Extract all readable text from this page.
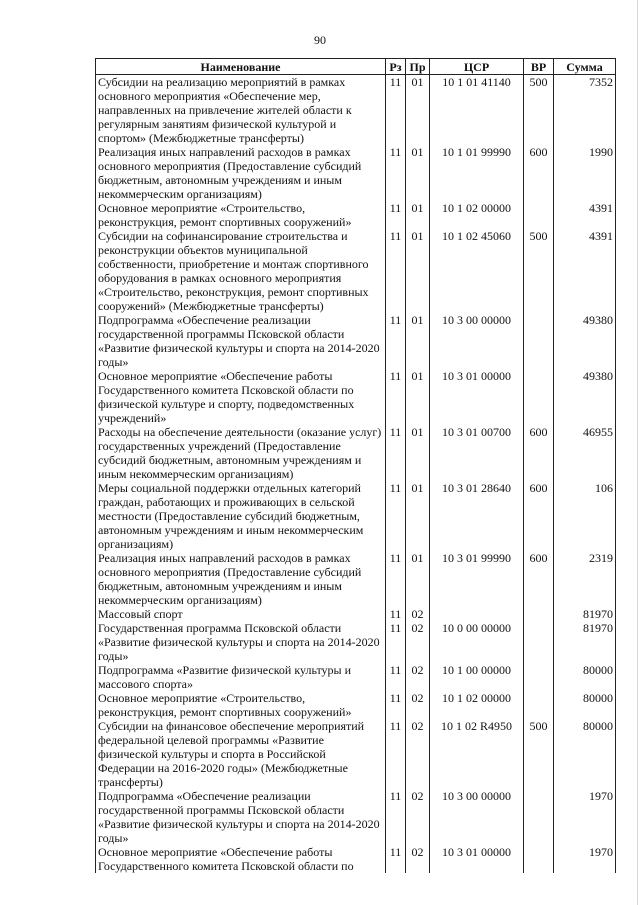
90
Наименование	Рз	Пр	ЦСР	ВР	Сумма
Субсидии на реализацию мероприятий в рамках основного мероприятия «Обеспечение мер, направленных на привлечение жителей области к регулярным занятиям физической культурой и спортом» (Межбюджетные трансферты)	11	01	10 1 01 41140	500	7352
Реализация иных направлений расходов в рамках основного мероприятия (Предоставление субсидий бюджетным, автономным учреждениям и иным некоммерческим организациям)	11	01	10 1 01 99990	600	1990
Основное мероприятие «Строительство, реконструкция, ремонт спортивных сооружений»	11	01	10 1 02 00000		4391
Субсидии на софинансирование строительства и реконструкции объектов муниципальной собственности, приобретение и монтаж спортивного оборудования в рамках основного мероприятия «Строительство, реконструкция, ремонт спортивных сооружений» (Межбюджетные трансферты)	11	01	10 1 02 45060	500	4391
Подпрограмма «Обеспечение реализации государственной программы Псковской области «Развитие физической культуры и спорта на 2014-2020 годы»	11	01	10 3 00 00000		49380
Основное мероприятие «Обеспечение работы Государственного комитета Псковской области по физической культуре и спорту, подведомственных учреждений»	11	01	10 3 01 00000		49380
Расходы на обеспечение деятельности (оказание услуг) государственных учреждений (Предоставление субсидий бюджетным, автономным учреждениям и иным некоммерческим организациям)	11	01	10 3 01 00700	600	46955
Меры социальной поддержки отдельных категорий граждан, работающих и проживающих в сельской местности (Предоставление субсидий бюджетным, автономным учреждениям и иным некоммерческим организациям)	11	01	10 3 01 28640	600	106
Реализация иных направлений расходов в рамках основного мероприятия (Предоставление субсидий бюджетным, автономным учреждениям и иным некоммерческим организациям)	11	01	10 3 01 99990	600	2319
Массовый спорт	11	02			81970
Государственная программа Псковской области «Развитие физической культуры и спорта на 2014-2020 годы»	11	02	10 0 00 00000		81970
Подпрограмма «Развитие физической культуры и массового спорта»	11	02	10 1 00 00000		80000
Основное мероприятие «Строительство, реконструкция, ремонт спортивных сооружений»	11	02	10 1 02 00000		80000
Субсидии на финансовое обеспечение мероприятий федеральной целевой программы «Развитие физической культуры и спорта в Российской Федерации на 2016-2020 годы» (Межбюджетные трансферты)	11	02	10 1 02 R4950	500	80000
Подпрограмма «Обеспечение реализации государственной программы Псковской области «Развитие физической культуры и спорта на 2014-2020 годы»	11	02	10 3 00 00000		1970
Основное мероприятие «Обеспечение работы Государственного комитета Псковской области по	11	02	10 3 01 00000		1970
